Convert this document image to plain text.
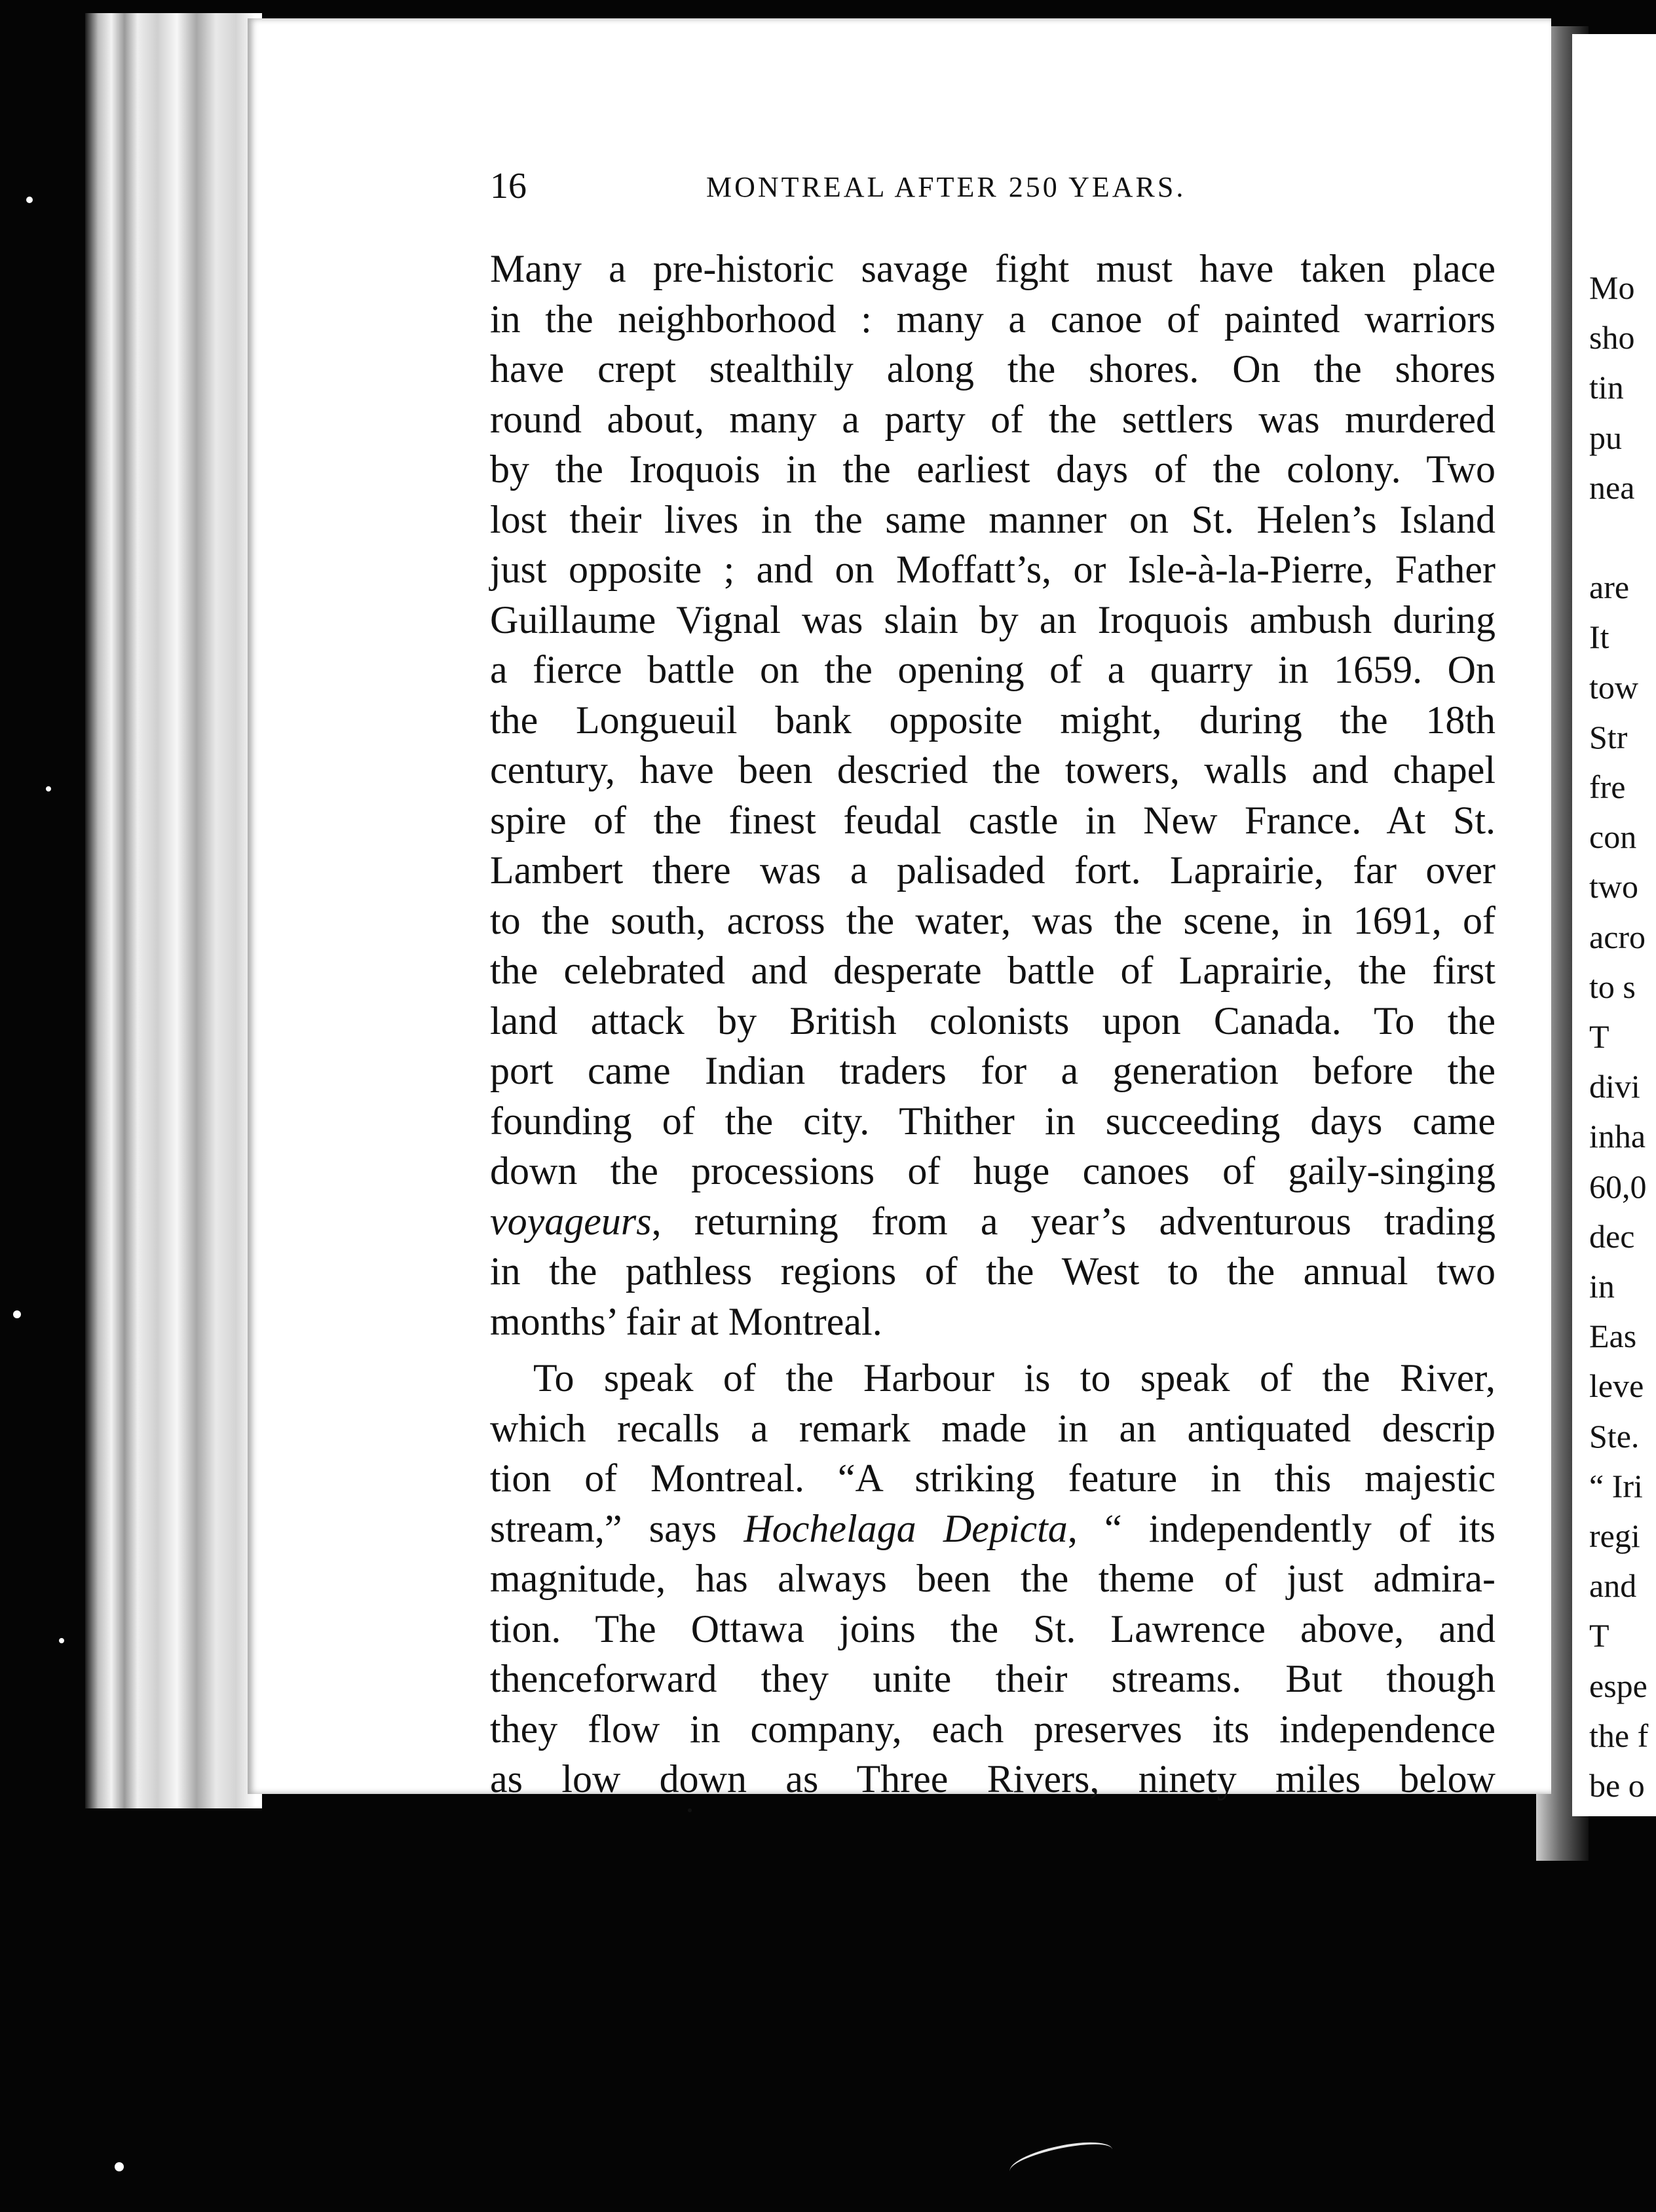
Mo
sho
tin
pu
nea
are
It
tow
Str
fre
con
two
acro
to s
T
divi
inha
60,0
dec
in
Eas
leve
Ste.
“ Iri
regi
and
T
espe
the f
be o
16	MONTREAL AFTER 250 YEARS.
Many a pre-historic savage fight must have taken place
in the neighborhood : many a canoe of painted warriors
have crept stealthily along the shores. On the shores
round about, many a party of the settlers was murdered
by the Iroquois in the earliest days of the colony. Two
lost their lives in the same manner on St. Helen’s Island
just opposite ; and on Moffatt’s, or Isle-à-la-Pierre, Father
Guillaume Vignal was slain by an Iroquois ambush during
a fierce battle on the opening of a quarry in 1659. On
the Longueuil bank opposite might, during the 18th
century, have been descried the towers, walls and chapel
spire of the finest feudal castle in New France. At St.
Lambert there was a palisaded fort. Laprairie, far over
to the south, across the water, was the scene, in 1691, of
the celebrated and desperate battle of Laprairie, the first
land attack by British colonists upon Canada. To the
port came Indian traders for a generation before the
founding of the city. Thither in succeeding days came
down the processions of huge canoes of gaily-singing
voyageurs, returning from a year’s adventurous trading
in the pathless regions of the West to the annual two
months’ fair at Montreal.
To speak of the Harbour is to speak of the River,
which recalls a remark made in an antiquated descrip
tion of Montreal. “A striking feature in this majestic
stream,” says Hochelaga Depicta, “ independently of its
magnitude, has always been the theme of just admira-
tion. The Ottawa joins the St. Lawrence above, and
thenceforward they unite their streams. But though
they flow in company, each preserves its independence
as low down as Three Rivers, ninety miles below
